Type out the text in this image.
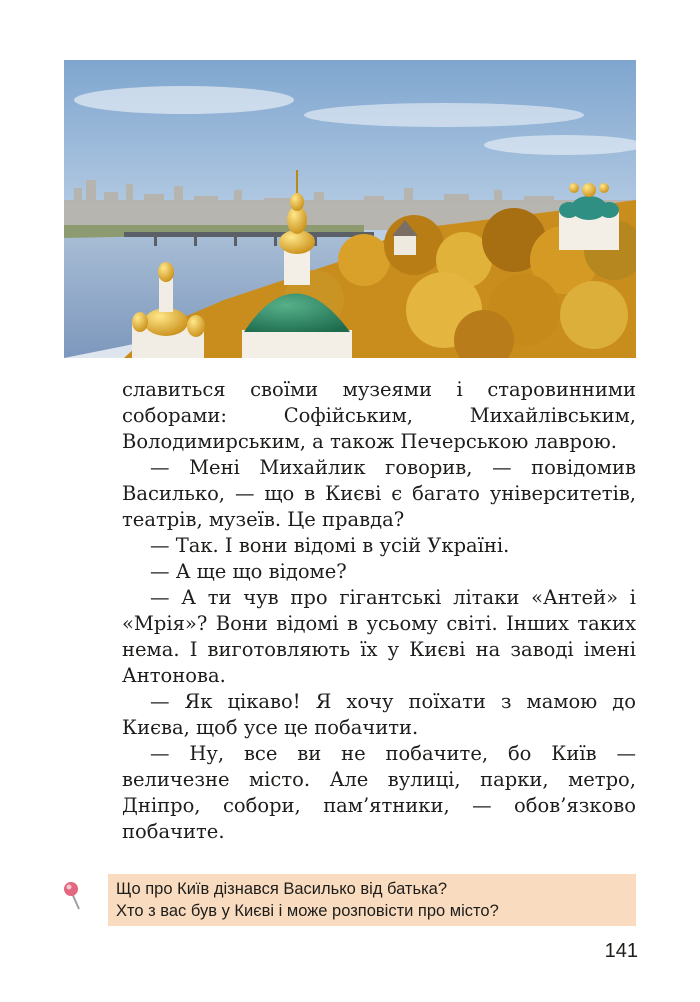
славиться своїми музеями і старовинними соборами: Софійським, Михайлівським, Володимирським, а також Печерською лаврою.

— Мені Михайлик говорив, — повідомив Василько, — що в Києві є багато університетів, театрів, музеїв. Це правда?

— Так. І вони відомі в усій Україні.

— А ще що відоме?

— А ти чув про гігантські літаки «Антей» і «Мрія»? Вони відомі в усьому світі. Інших таких нема. І виготовляють їх у Києві на заводі імені Антонова.

— Як цікаво! Я хочу поїхати з мамою до Києва, щоб усе це побачити.

— Ну, все ви не побачите, бо Київ — величезне місто. Але вулиці, парки, метро, Дніпро, собори, пам’ятники, — обов’язково побачите.

Що про Київ дізнався Василько від батька?
Хто з вас був у Києві і може розповісти про місто?
141
